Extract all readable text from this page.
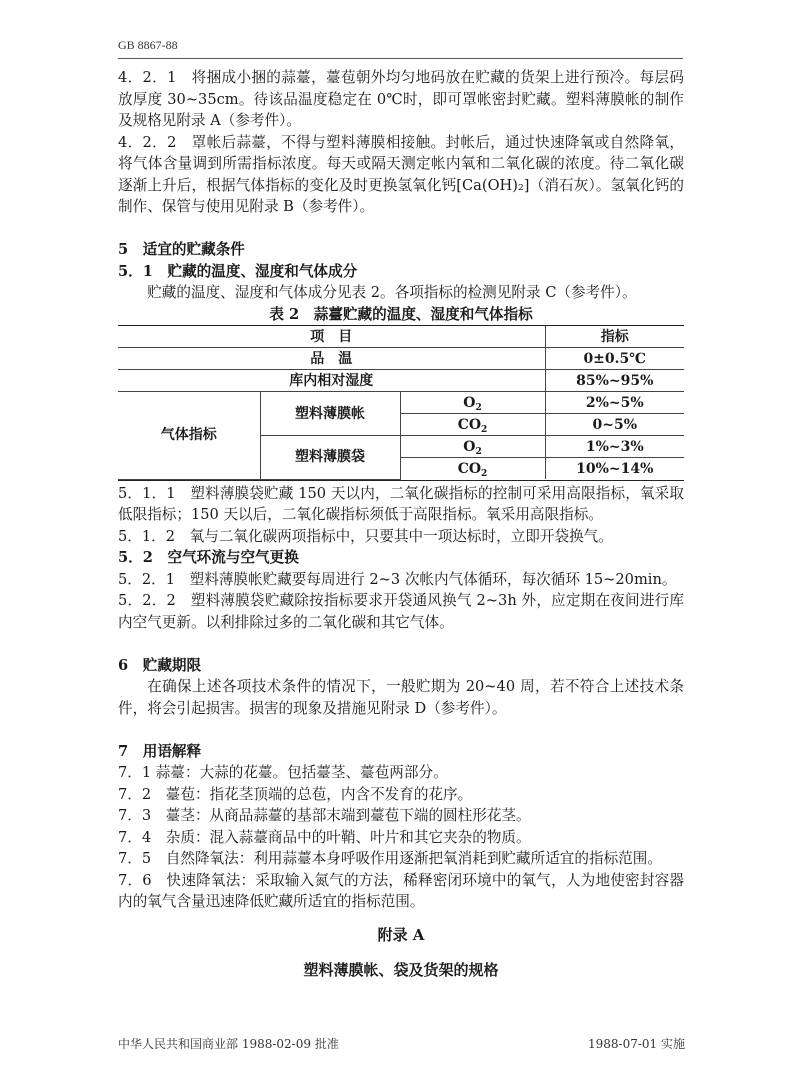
GB 8867-88

4．2．1　将捆成小捆的蒜薹，薹苞朝外均匀地码放在贮藏的货架上进行预冷。每层码放厚度 30~35cm。待该品温度稳定在 0℃时，即可罩帐密封贮藏。塑料薄膜帐的制作及规格见附录 A（参考件）。

4．2．2　罩帐后蒜薹，不得与塑料薄膜相接触。封帐后，通过快速降氧或自然降氧，将气体含量调到所需指标浓度。每天或隔天测定帐内氧和二氧化碳的浓度。待二氧化碳逐渐上升后，根据气体指标的变化及时更换氢氧化钙[Ca(OH)₂]（消石灰）。氢氧化钙的制作、保管与使用见附录 B（参考件）。

5　适宜的贮藏条件

5．1　贮藏的温度、湿度和气体成分

贮藏的温度、湿度和气体成分见表 2。各项指标的检测见附录 C（参考件）。

表 2　蒜薹贮藏的温度、湿度和气体指标

项　目			指标
品　温			0±0.5℃
库内相对湿度			85%~95%
气体指标	塑料薄膜帐	$O_2$	2%~5%
		$CO_2$	0~5%
	塑料薄膜袋	$O_2$	1%~3%
		$CO_2$	10%~14%

5．1．1　塑料薄膜袋贮藏 150 天以内，二氧化碳指标的控制可采用高限指标，氧采取低限指标；150 天以后，二氧化碳指标须低于高限指标。氧采用高限指标。

5．1．2　氧与二氧化碳两项指标中，只要其中一项达标时，立即开袋换气。

5．2　空气环流与空气更换

5．2．1　塑料薄膜帐贮藏要每周进行 2~3 次帐内气体循环，每次循环 15~20min。

5．2．2　塑料薄膜袋贮藏除按指标要求开袋通风换气 2~3h 外，应定期在夜间进行库内空气更新。以利排除过多的二氧化碳和其它气体。

6　贮藏期限

在确保上述各项技术条件的情况下，一般贮期为 20~40 周，若不符合上述技术条件，将会引起损害。损害的现象及措施见附录 D（参考件）。

7　用语解释

7．1 蒜薹：大蒜的花薹。包括薹茎、薹苞两部分。

7．2　薹苞：指花茎顶端的总苞，内含不发育的花序。

7．3　薹茎：从商品蒜薹的基部末端到薹苞下端的圆柱形花茎。

7．4　杂质：混入蒜薹商品中的叶鞘、叶片和其它夹杂的物质。

7．5　自然降氧法：利用蒜薹本身呼吸作用逐渐把氧消耗到贮藏所适宜的指标范围。

7．6　快速降氧法：采取输入氮气的方法，稀释密闭环境中的氧气，人为地使密封容器内的氧气含量迅速降低贮藏所适宜的指标范围。

附录 A

塑料薄膜帐、袋及货架的规格

中华人民共和国商业部 1988-02-09 批准	1988-07-01 实施
